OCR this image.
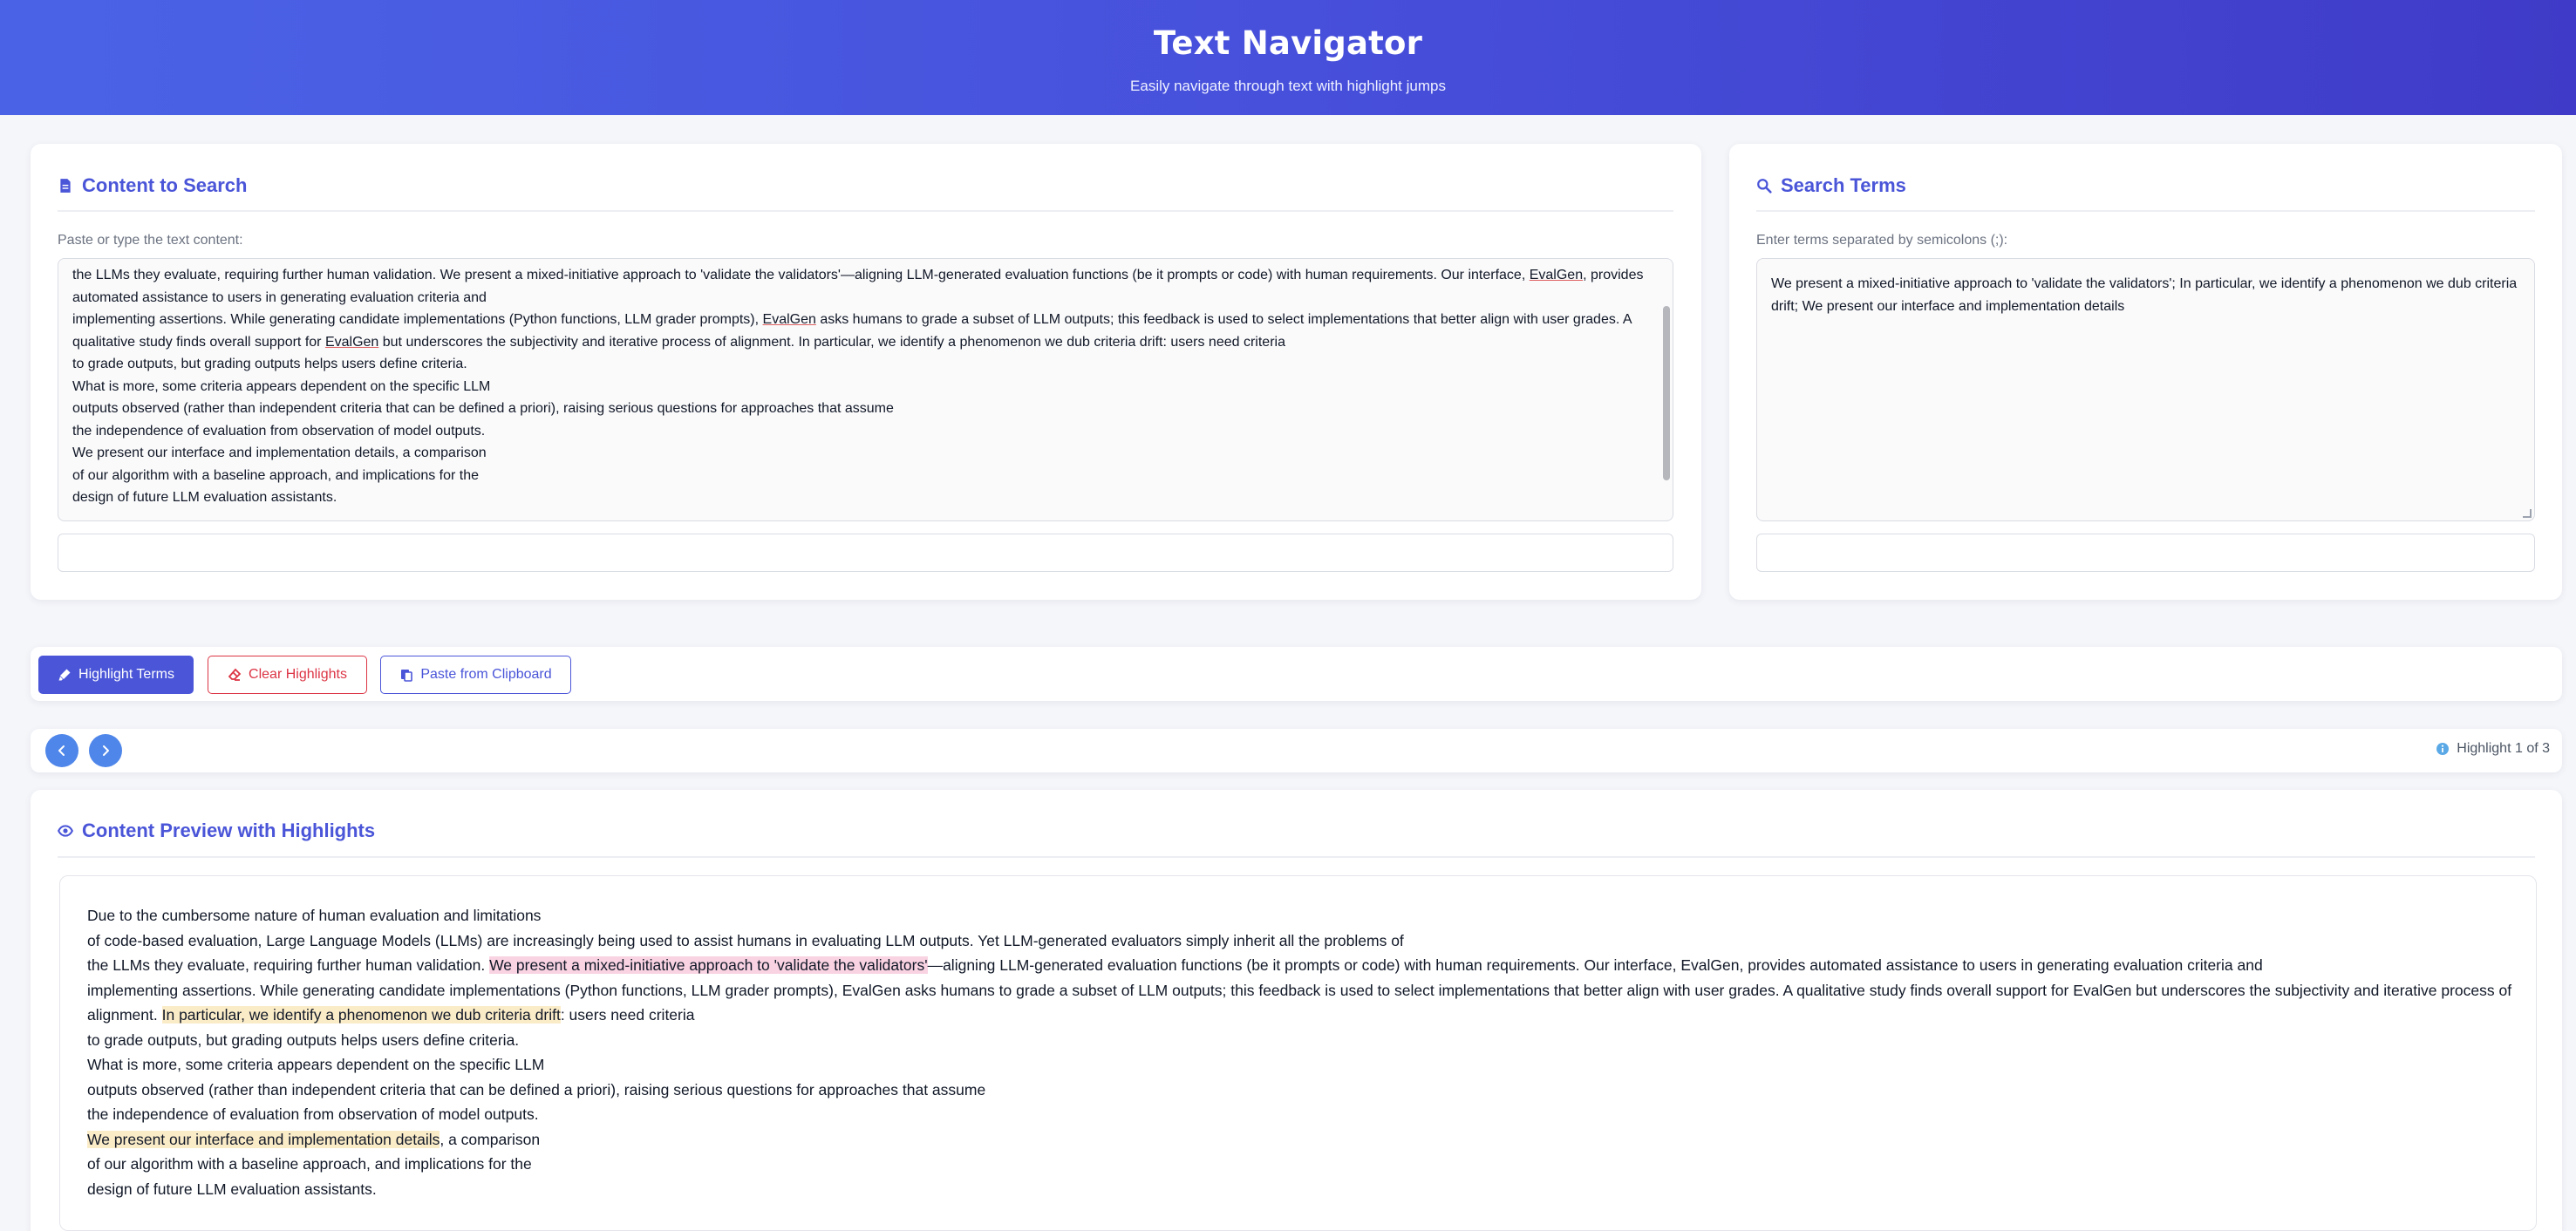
Text Navigator
Easily navigate through text with highlight jumps
Content to Search
Paste or type the text content:
the LLMs they evaluate, requiring further human validation. We present a mixed-initiative approach to 'validate the validators'—aligning LLM-generated evaluation functions (be it prompts or code) with human requirements. Our interface, EvalGen, provides
automated assistance to users in generating evaluation criteria and
implementing assertions. While generating candidate implementations (Python functions, LLM grader prompts), EvalGen asks humans to grade a subset of LLM outputs; this feedback is used to select implementations that better align with user grades. A
qualitative study finds overall support for EvalGen but underscores the subjectivity and iterative process of alignment. In particular, we identify a phenomenon we dub criteria drift: users need criteria
to grade outputs, but grading outputs helps users define criteria.
What is more, some criteria appears dependent on the specific LLM
outputs observed (rather than independent criteria that can be defined a priori), raising serious questions for approaches that assume
the independence of evaluation from observation of model outputs.
We present our interface and implementation details, a comparison
of our algorithm with a baseline approach, and implications for the
design of future LLM evaluation assistants.
Search Terms
Enter terms separated by semicolons (;):
We present a mixed-initiative approach to 'validate the validators'; In particular, we identify a phenomenon we dub criteria drift; We present our interface and implementation details
Highlight Terms	Clear Highlights	Paste from Clipboard
Highlight 1 of 3
Content Preview with Highlights
Due to the cumbersome nature of human evaluation and limitations
of code-based evaluation, Large Language Models (LLMs) are increasingly being used to assist humans in evaluating LLM outputs. Yet LLM-generated evaluators simply inherit all the problems of
the LLMs they evaluate, requiring further human validation. We present a mixed-initiative approach to 'validate the validators'—aligning LLM-generated evaluation functions (be it prompts or code) with human requirements. Our interface, EvalGen, provides automated assistance to users in generating evaluation criteria and
implementing assertions. While generating candidate implementations (Python functions, LLM grader prompts), EvalGen asks humans to grade a subset of LLM outputs; this feedback is used to select implementations that better align with user grades. A qualitative study finds overall support for EvalGen but underscores the subjectivity and iterative process of alignment. In particular, we identify a phenomenon we dub criteria drift: users need criteria
to grade outputs, but grading outputs helps users define criteria.
What is more, some criteria appears dependent on the specific LLM
outputs observed (rather than independent criteria that can be defined a priori), raising serious questions for approaches that assume
the independence of evaluation from observation of model outputs.
We present our interface and implementation details, a comparison
of our algorithm with a baseline approach, and implications for the
design of future LLM evaluation assistants.
